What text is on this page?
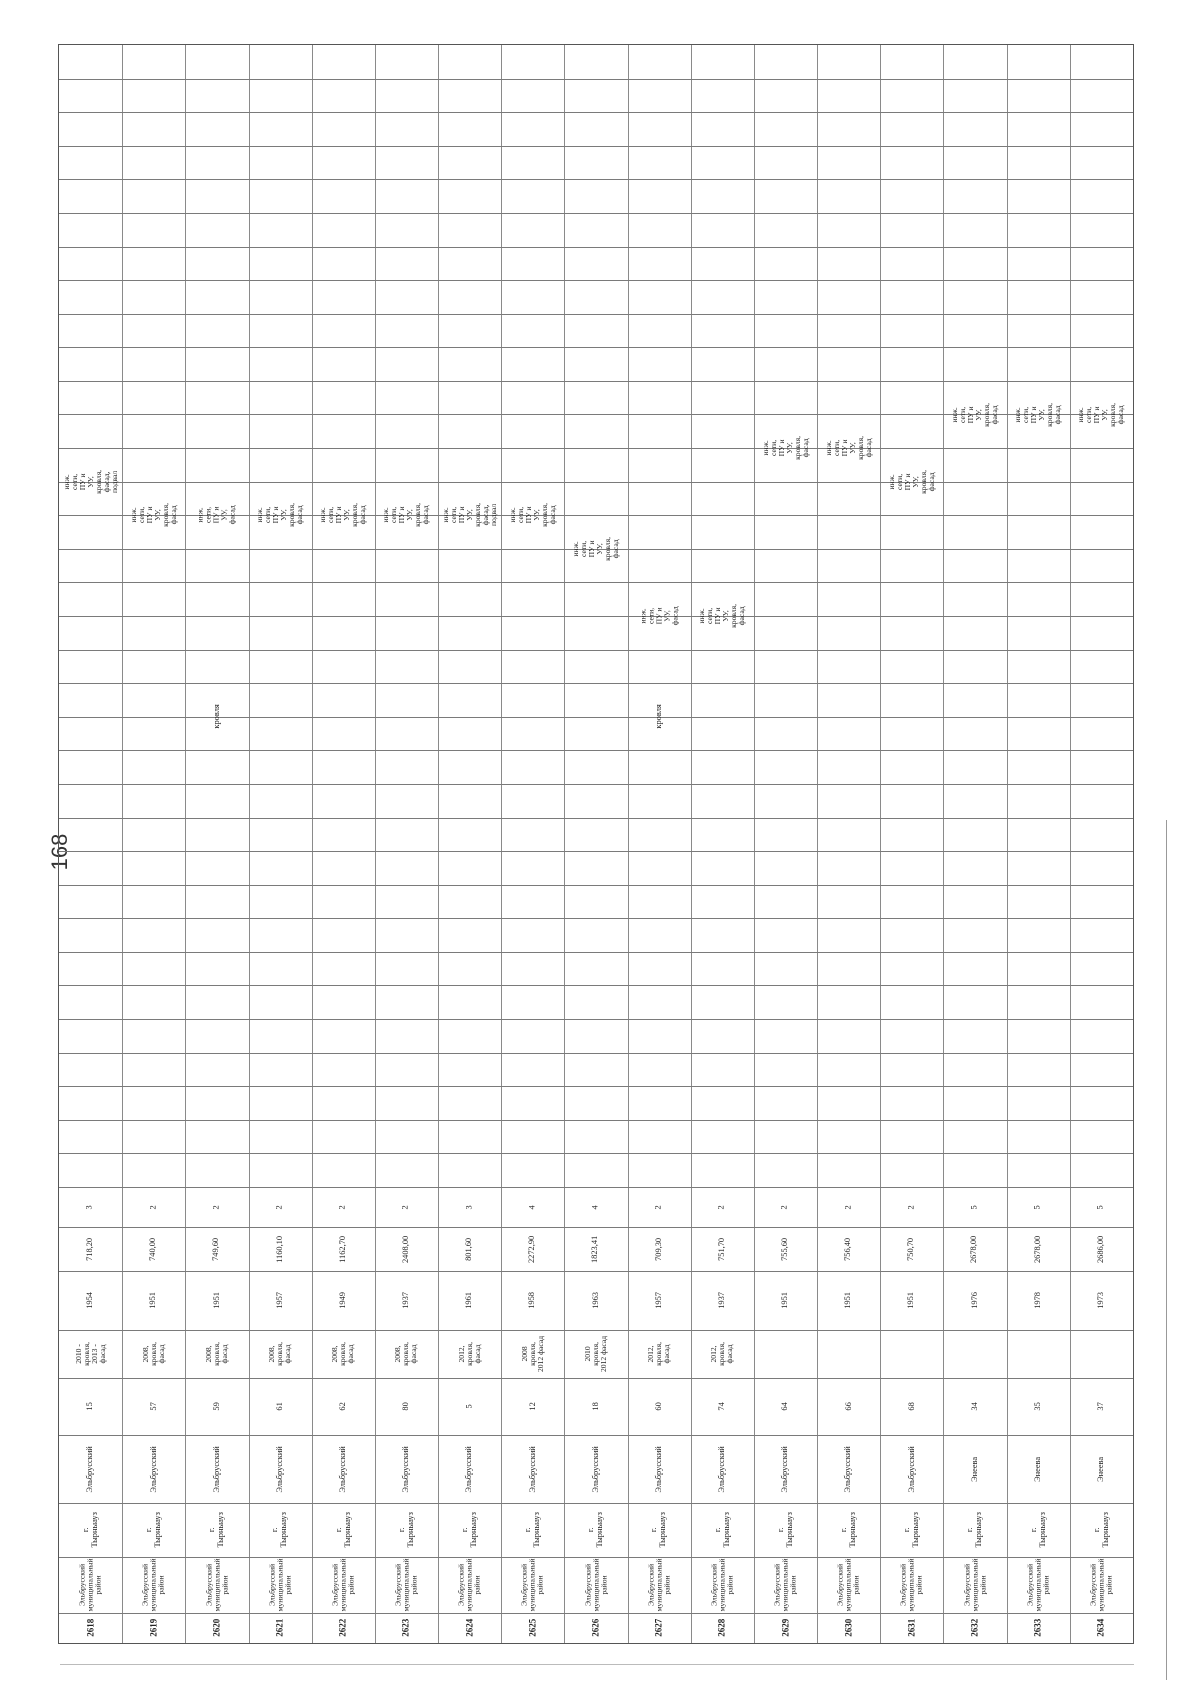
168
2618
Эльбрусский
муниципальный
район
г.
Тырныауз
Эльбрусский
15
2010 -
кровля,
2013 -
фасад
1954
718,20
3
инж.
сети,
ПУ и
УУ,
кровля,
фасад,
подвал
2619
Эльбрусский
муниципальный
район
г.
Тырныауз
Эльбрусский
57
2008,
кровля,
фасад
1951
740,00
2
инж.
сети,
ПУ и
УУ,
кровля,
фасад
2620
Эльбрусский
муниципальный
район
г.
Тырныауз
Эльбрусский
59
2008,
кровля,
фасад
1951
749,60
2
кровля
инж.
сети,
ПУ и
УУ,
фасад
2621
Эльбрусский
муниципальный
район
г.
Тырныауз
Эльбрусский
61
2008,
кровля,
фасад
1957
1160,10
2
инж.
сети,
ПУ и
УУ,
кровля,
фасад
2622
Эльбрусский
муниципальный
район
г.
Тырныауз
Эльбрусский
62
2008,
кровля,
фасад
1949
1162,70
2
инж.
сети,
ПУ и
УУ,
кровля,
фасад
2623
Эльбрусский
муниципальный
район
г.
Тырныауз
Эльбрусский
80
2008,
кровля,
фасад
1937
2408,00
2
инж.
сети,
ПУ и
УУ,
кровля,
фасад
2624
Эльбрусский
муниципальный
район
г.
Тырныауз
Эльбрусский
5
2012,
кровля,
фасад
1961
801,60
3
инж.
сети,
ПУ и
УУ,
кровля,
фасад,
подвал
2625
Эльбрусский
муниципальный
район
г.
Тырныауз
Эльбрусский
12
2008
кровля,
2012 фасад
1958
2272,90
4
инж.
сети,
ПУ и
УУ,
кровля,
фасад
2626
Эльбрусский
муниципальный
район
г.
Тырныауз
Эльбрусский
18
2010
кровля,
2012 фасад
1963
1823,41
4
инж.
сети,
ПУ и
УУ,
кровля,
фасад
2627
Эльбрусский
муниципальный
район
г.
Тырныауз
Эльбрусский
60
2012,
кровля,
фасад
1957
709,30
2
кровля
инж.
сети,
ПУ и
УУ,
фасад
2628
Эльбрусский
муниципальный
район
г.
Тырныауз
Эльбрусский
74
2012,
кровля,
фасад
1937
751,70
2
инж.
сети,
ПУ и
УУ,
кровля,
фасад
2629
Эльбрусский
муниципальный
район
г.
Тырныауз
Эльбрусский
64
1951
755,60
2
инж.
сети,
ПУ и
УУ,
кровля,
фасад
2630
Эльбрусский
муниципальный
район
г.
Тырныауз
Эльбрусский
66
1951
756,40
2
инж.
сети,
ПУ и
УУ,
кровля,
фасад
2631
Эльбрусский
муниципальный
район
г.
Тырныауз
Эльбрусский
68
1951
750,70
2
инж.
сети,
ПУ и
УУ,
кровля,
фасад
2632
Эльбрусский
муниципальный
район
г.
Тырныауз
Энеева
34
1976
2678,00
5
инж.
сети,
ПУ и
УУ,
кровля,
фасад
2633
Эльбрусский
муниципальный
район
г.
Тырныауз
Энеева
35
1978
2678,00
5
инж.
сети,
ПУ и
УУ,
кровля,
фасад
2634
Эльбрусский
муниципальный
район
г.
Тырныауз
Энеева
37
1973
2686,00
5
инж.
сети,
ПУ и
УУ,
кровля,
фасад
